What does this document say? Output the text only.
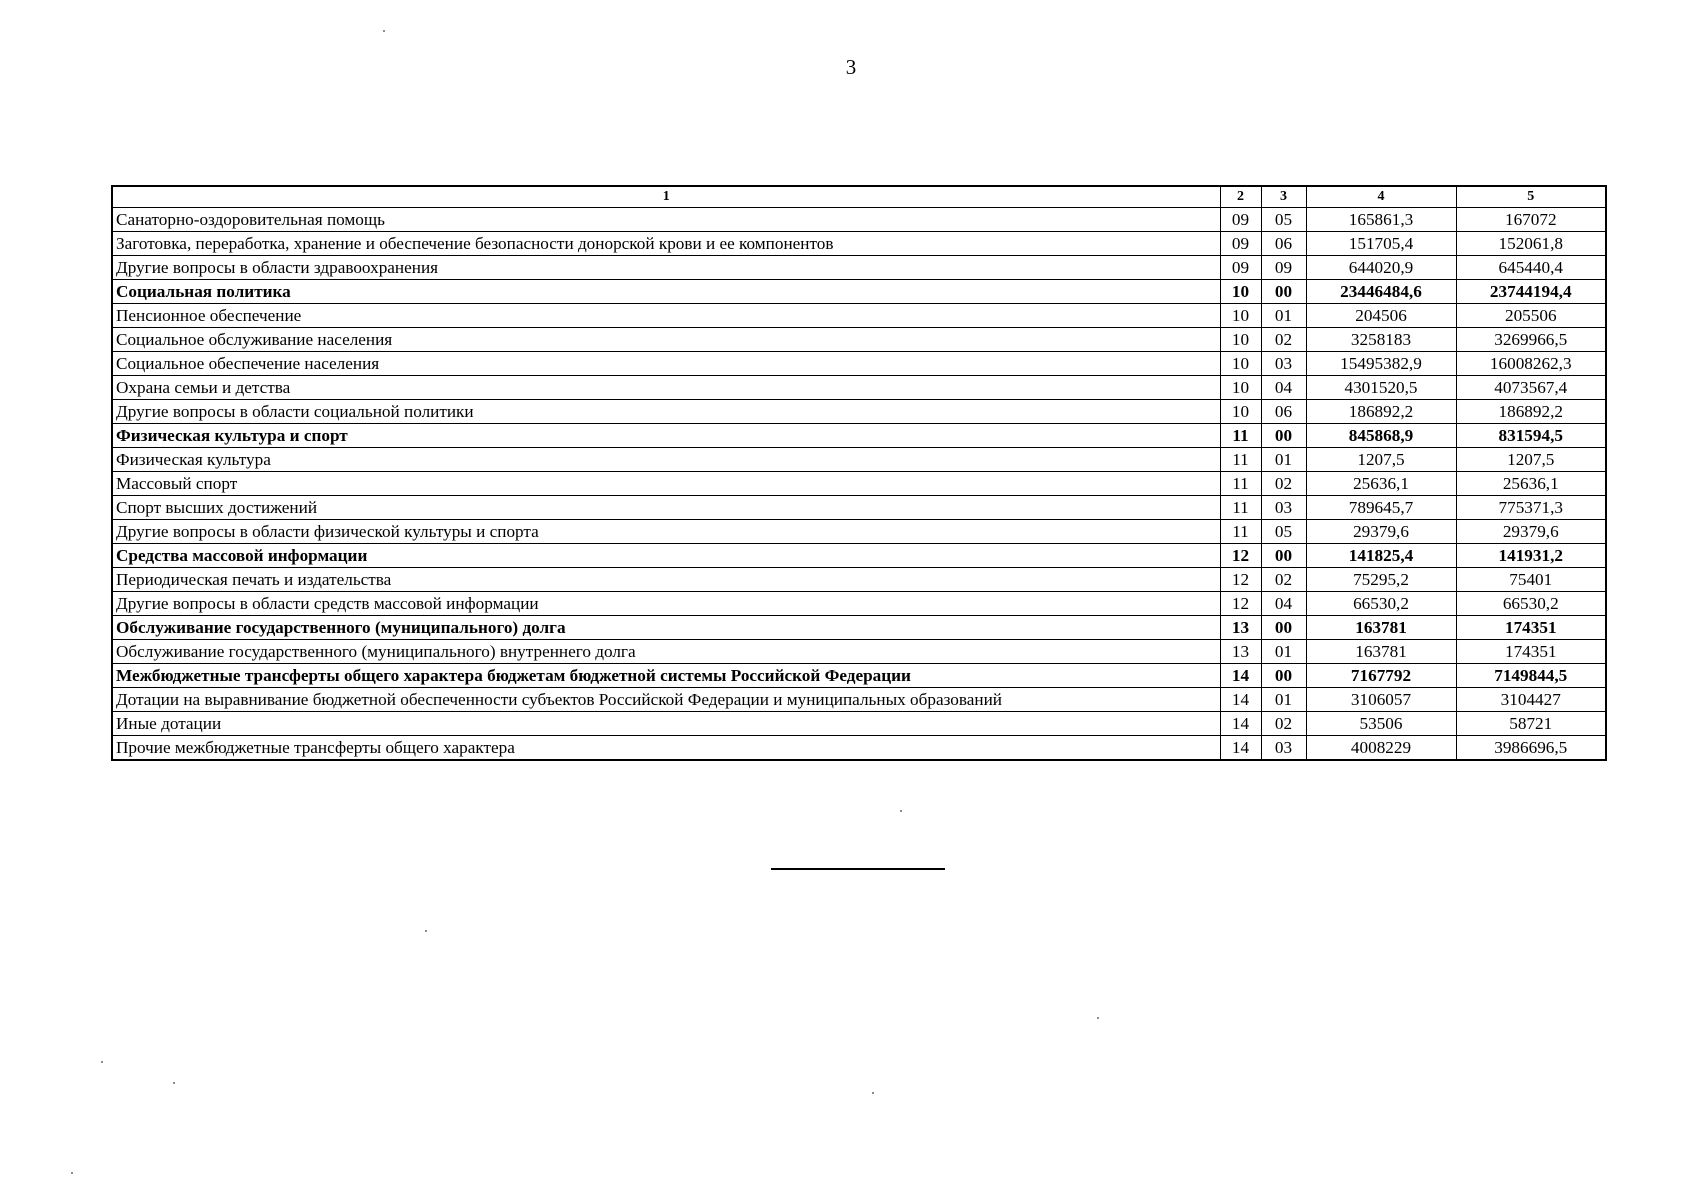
3
1	2	3	4	5
Санаторно-оздоровительная помощь	09	05	165861,3	167072
Заготовка, переработка, хранение и обеспечение безопасности донорской крови и ее компонентов	09	06	151705,4	152061,8
Другие вопросы в области здравоохранения	09	09	644020,9	645440,4
Социальная политика	10	00	23446484,6	23744194,4
Пенсионное обеспечение	10	01	204506	205506
Социальное обслуживание населения	10	02	3258183	3269966,5
Социальное обеспечение населения	10	03	15495382,9	16008262,3
Охрана семьи и детства	10	04	4301520,5	4073567,4
Другие вопросы в области социальной политики	10	06	186892,2	186892,2
Физическая культура и спорт	11	00	845868,9	831594,5
Физическая культура	11	01	1207,5	1207,5
Массовый спорт	11	02	25636,1	25636,1
Спорт высших достижений	11	03	789645,7	775371,3
Другие вопросы в области физической культуры и спорта	11	05	29379,6	29379,6
Средства массовой информации	12	00	141825,4	141931,2
Периодическая печать и издательства	12	02	75295,2	75401
Другие вопросы в области средств массовой информации	12	04	66530,2	66530,2
Обслуживание государственного (муниципального) долга	13	00	163781	174351
Обслуживание государственного (муниципального) внутреннего долга	13	01	163781	174351
Межбюджетные трансферты общего характера бюджетам бюджетной системы Российской Федерации	14	00	7167792	7149844,5
Дотации на выравнивание бюджетной обеспеченности субъектов Российской Федерации и муниципальных образований	14	01	3106057	3104427
Иные дотации	14	02	53506	58721
Прочие межбюджетные трансферты общего характера	14	03	4008229	3986696,5
